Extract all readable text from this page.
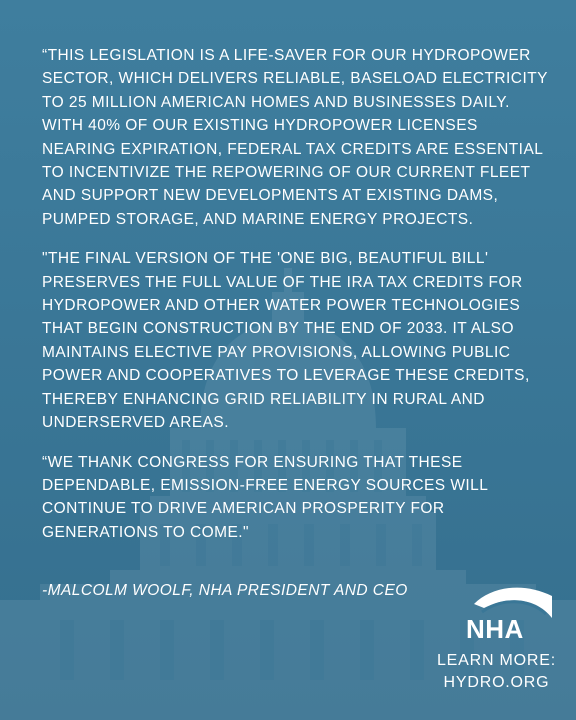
“THIS LEGISLATION IS A LIFE-SAVER FOR OUR HYDROPOWER SECTOR, WHICH DELIVERS RELIABLE, BASELOAD ELECTRICITY TO 25 MILLION AMERICAN HOMES AND BUSINESSES DAILY. WITH 40% OF OUR EXISTING HYDROPOWER LICENSES NEARING EXPIRATION, FEDERAL TAX CREDITS ARE ESSENTIAL TO INCENTIVIZE THE REPOWERING OF OUR CURRENT FLEET AND SUPPORT NEW DEVELOPMENTS AT EXISTING DAMS, PUMPED STORAGE, AND MARINE ENERGY PROJECTS.

"THE FINAL VERSION OF THE 'ONE BIG, BEAUTIFUL BILL' PRESERVES THE FULL VALUE OF THE IRA TAX CREDITS FOR HYDROPOWER AND OTHER WATER POWER TECHNOLOGIES THAT BEGIN CONSTRUCTION BY THE END OF 2033. IT ALSO MAINTAINS ELECTIVE PAY PROVISIONS, ALLOWING PUBLIC POWER AND COOPERATIVES TO LEVERAGE THESE CREDITS, THEREBY ENHANCING GRID RELIABILITY IN RURAL AND UNDERSERVED AREAS.

“WE THANK CONGRESS FOR ENSURING THAT THESE DEPENDABLE, EMISSION-FREE ENERGY SOURCES WILL CONTINUE TO DRIVE AMERICAN PROSPERITY FOR GENERATIONS TO COME."

-MALCOLM WOOLF, NHA PRESIDENT AND CEO
NHA
LEARN MORE:
HYDRO.ORG
